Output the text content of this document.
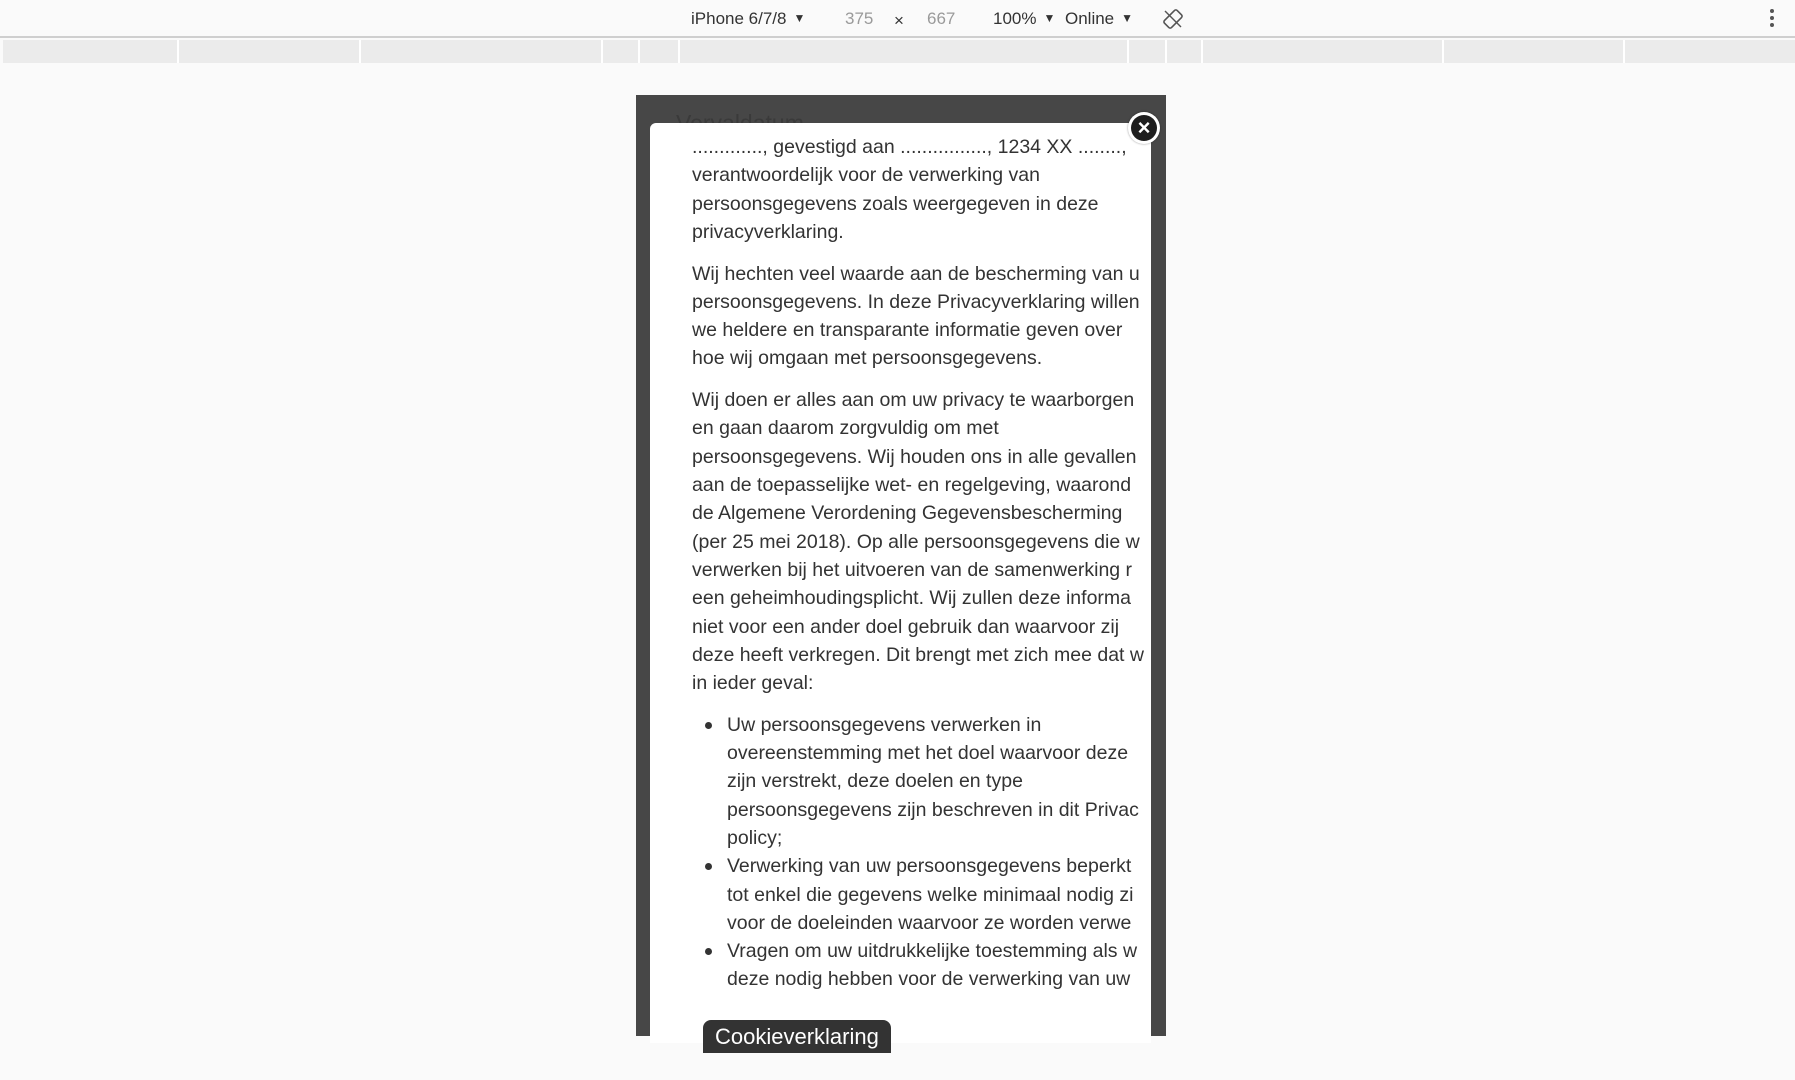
iPhone 6/7/8 ▼ 375 × 667 100% ▼ Online ▼
............., gevestigd aan ................, 1234 XX ........,
verantwoordelijk voor de verwerking van
persoonsgegevens zoals weergegeven in deze
privacyverklaring.
Wij hechten veel waarde aan de bescherming van u
persoonsgegevens. In deze Privacyverklaring willen
we heldere en transparante informatie geven over
hoe wij omgaan met persoonsgegevens.
Wij doen er alles aan om uw privacy te waarborgen
en gaan daarom zorgvuldig om met
persoonsgegevens. Wij houden ons in alle gevallen
aan de toepasselijke wet- en regelgeving, waarond
de Algemene Verordening Gegevensbescherming
(per 25 mei 2018). Op alle persoonsgegevens die w
verwerken bij het uitvoeren van de samenwerking r
een geheimhoudingsplicht. Wij zullen deze informa
niet voor een ander doel gebruik dan waarvoor zij
deze heeft verkregen. Dit brengt met zich mee dat w
in ieder geval:
Uw persoonsgegevens verwerken in
overeenstemming met het doel waarvoor deze
zijn verstrekt, deze doelen en type
persoonsgegevens zijn beschreven in dit Privac
policy;
Verwerking van uw persoonsgegevens beperkt
tot enkel die gegevens welke minimaal nodig zi
voor de doeleinden waarvoor ze worden verwe
Vragen om uw uitdrukkelijke toestemming als w
deze nodig hebben voor de verwerking van uw
Cookieverklaring
×
